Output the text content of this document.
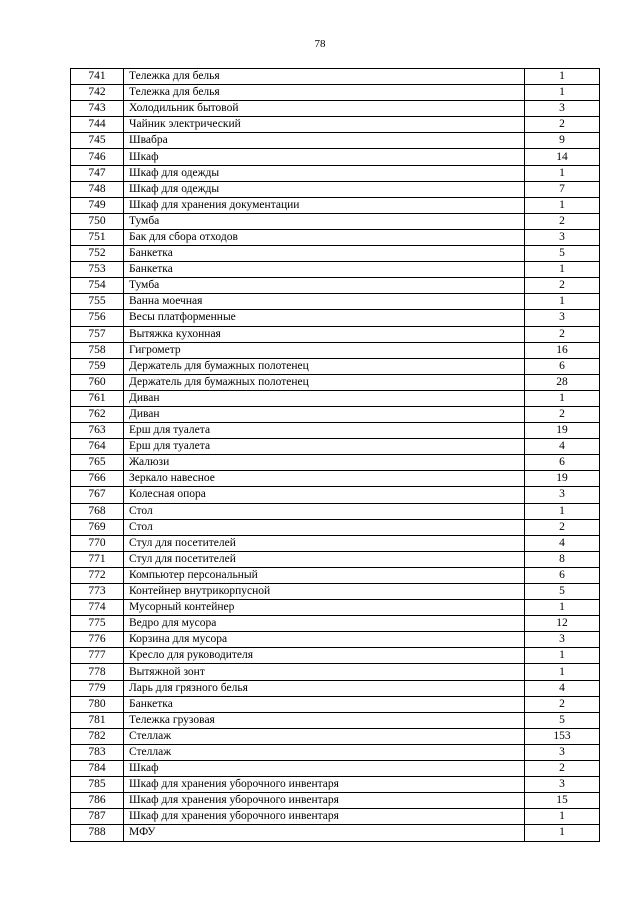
78
741	Тележка для белья	1
742	Тележка для белья	1
743	Холодильник бытовой	3
744	Чайник электрический	2
745	Швабра	9
746	Шкаф	14
747	Шкаф для одежды	1
748	Шкаф для одежды	7
749	Шкаф для хранения документации	1
750	Тумба	2
751	Бак для сбора отходов	3
752	Банкетка	5
753	Банкетка	1
754	Тумба	2
755	Ванна моечная	1
756	Весы платформенные	3
757	Вытяжка кухонная	2
758	Гигрометр	16
759	Держатель для бумажных полотенец	6
760	Держатель для бумажных полотенец	28
761	Диван	1
762	Диван	2
763	Ерш для туалета	19
764	Ерш для туалета	4
765	Жалюзи	6
766	Зеркало навесное	19
767	Колесная опора	3
768	Стол	1
769	Стол	2
770	Стул для посетителей	4
771	Стул для посетителей	8
772	Компьютер персональный	6
773	Контейнер внутрикорпусной	5
774	Мусорный контейнер	1
775	Ведро для мусора	12
776	Корзина для мусора	3
777	Кресло для руководителя	1
778	Вытяжной зонт	1
779	Ларь для грязного белья	4
780	Банкетка	2
781	Тележка грузовая	5
782	Стеллаж	153
783	Стеллаж	3
784	Шкаф	2
785	Шкаф для хранения уборочного инвентаря	3
786	Шкаф для хранения уборочного инвентаря	15
787	Шкаф для хранения уборочного инвентаря	1
788	МФУ	1
